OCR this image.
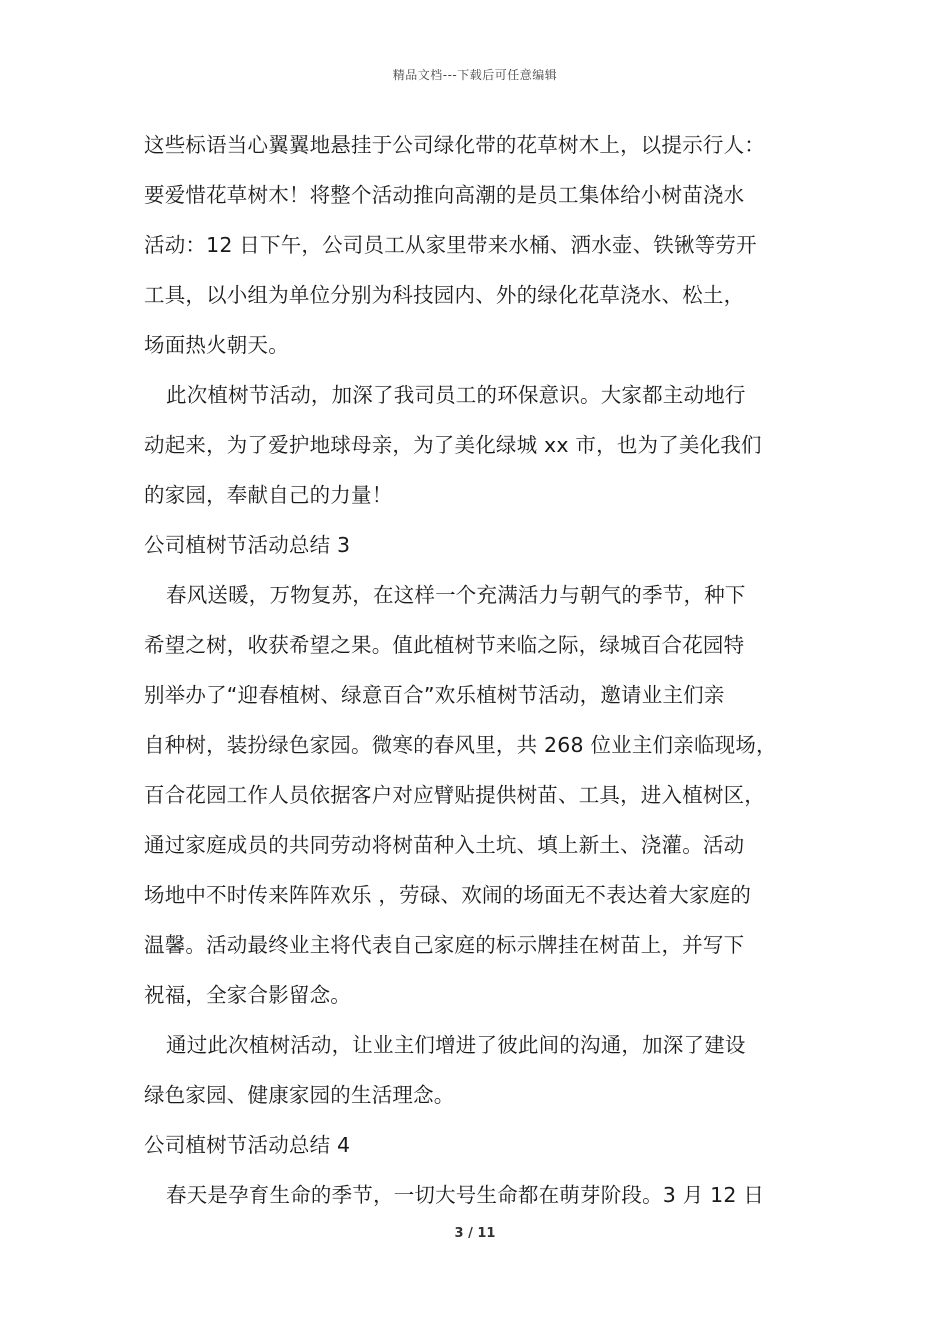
精品文档---下载后可任意编辑
这些标语当心翼翼地悬挂于公司绿化带的花草树木上，以提示行人：
要爱惜花草树木！将整个活动推向高潮的是员工集体给小树苗浇水
活动：12 日下午，公司员工从家里带来水桶、洒水壶、铁锹等劳开
工具，以小组为单位分别为科技园内、外的绿化花草浇水、松土，
场面热火朝天。
此次植树节活动，加深了我司员工的环保意识。大家都主动地行
动起来，为了爱护地球母亲，为了美化绿城 xx 市，也为了美化我们
的家园，奉献自己的力量！
公司植树节活动总结 3
春风送暖，万物复苏，在这样一个充满活力与朝气的季节，种下
希望之树，收获希望之果。值此植树节来临之际，绿城百合花园特
别举办了“迎春植树、绿意百合”欢乐植树节活动，邀请业主们亲
自种树，装扮绿色家园。微寒的春风里，共 268 位业主们亲临现场，
百合花园工作人员依据客户对应臂贴提供树苗、工具，进入植树区，
通过家庭成员的共同劳动将树苗种入土坑、填上新土、浇灌。活动
场地中不时传来阵阵欢乐 ，劳碌、欢闹的场面无不表达着大家庭的
温馨。活动最终业主将代表自己家庭的标示牌挂在树苗上，并写下
祝福，全家合影留念。
通过此次植树活动，让业主们增进了彼此间的沟通，加深了建设
绿色家园、健康家园的生活理念。
公司植树节活动总结 4
春天是孕育生命的季节，一切大号生命都在萌芽阶段。3 月 12 日
3 / 11
